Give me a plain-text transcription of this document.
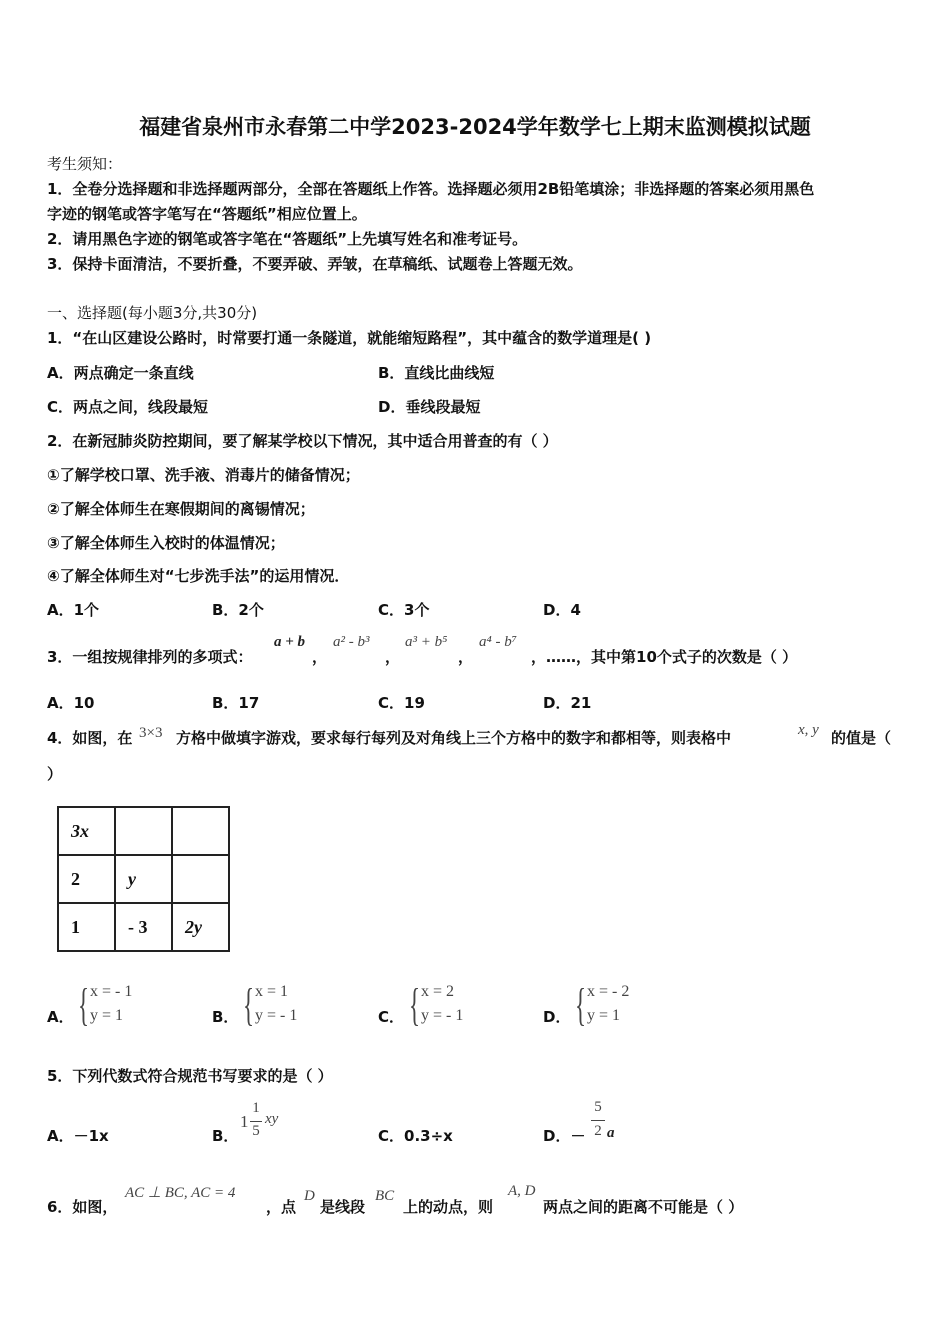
福建省泉州市永春第二中学2023-2024学年数学七上期末监测模拟试题
考生须知：
1．全卷分选择题和非选择题两部分，全部在答题纸上作答。选择题必须用2B铅笔填涂；非选择题的答案必须用黑色
字迹的钢笔或答字笔写在“答题纸”相应位置上。
2．请用黑色字迹的钢笔或答字笔在“答题纸”上先填写姓名和准考证号。
3．保持卡面清洁，不要折叠，不要弄破、弄皱，在草稿纸、试题卷上答题无效。
一、选择题(每小题3分,共30分)
1．“在山区建设公路时，时常要打通一条隧道，就能缩短路程”，其中蕴含的数学道理是( )
A．两点确定一条直线	B．直线比曲线短
C．两点之间，线段最短	D．垂线段最短
2．在新冠肺炎防控期间，要了解某学校以下情况，其中适合用普查的有（ ）
①了解学校口罩、洗手液、消毒片的储备情况；
②了解全体师生在寒假期间的离锡情况；
③了解全体师生入校时的体温情况；
④了解全体师生对“七步洗手法”的运用情况．
A．1个	B．2个	C．3个	D．4
3．一组按规律排列的多项式：
a + b
，
a² - b³
，
a³ + b⁵
，
a⁴ - b⁷
，……，其中第10个式子的次数是（ ）
A．10	B．17	C．19	D．21
4．如图，在 3×3 方格中做填字游戏，要求每行每列及对角线上三个方格中的数字和都相等，则表格中	x, y 的值是（
）
3x		
2	y	
1	- 3	2y
A． { x = - 1
y = 1	B． { x = 1
y = - 1	C． { x = 2
y = - 1	D． { x = - 2
y = 1
5．下列代数式符合规范书写要求的是（ ）
A．－1x	B．
1
1
5
xy
C．0.3÷x	D．－
5
2 a
6．如图，
AC ⊥ BC, AC = 4
，点
D
是线段
BC
上的动点，则
A, D
两点之间的距离不可能是（ ）
